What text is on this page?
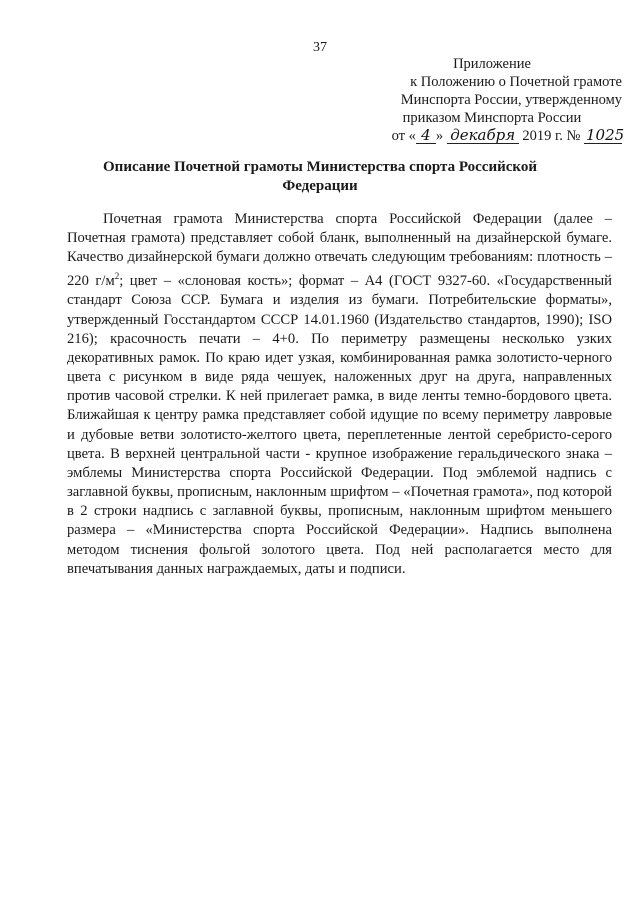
37
Приложение
к Положению о Почетной грамоте
Минспорта России, утвержденному
приказом Минспорта России
от « 4 » декабря 2019 г. № 1025
Описание Почетной грамоты Министерства спорта Российской Федерации

Почетная грамота Министерства спорта Российской Федерации (далее – Почетная грамота) представляет собой бланк, выполненный на дизайнерской бумаге. Качество дизайнерской бумаги должно отвечать следующим требованиям: плотность – 220 $г/м^2$; цвет – «слоновая кость»; формат – А4 (ГОСТ 9327-60. «Государственный стандарт Союза ССР. Бумага и изделия из бумаги. Потребительские форматы», утвержденный Госстандартом СССР 14.01.1960 (Издательство стандартов, 1990); ISO 216); красочность печати – 4+0. По периметру размещены несколько узких декоративных рамок. По краю идет узкая, комбинированная рамка золотисто-черного цвета с рисунком в виде ряда чешуек, наложенных друг на друга, направленных против часовой стрелки. К ней прилегает рамка, в виде ленты темно-бордового цвета. Ближайшая к центру рамка представляет собой идущие по всему периметру лавровые и дубовые ветви золотисто-желтого цвета, переплетенные лентой серебристо-серого цвета. В верхней центральной части - крупное изображение геральдического знака – эмблемы Министерства спорта Российской Федерации. Под эмблемой надпись с заглавной буквы, прописным, наклонным шрифтом – «Почетная грамота», под которой в 2 строки надпись с заглавной буквы, прописным, наклонным шрифтом меньшего размера – «Министерства спорта Российской Федерации». Надпись выполнена методом тиснения фольгой золотого цвета. Под ней располагается место для впечатывания данных награждаемых, даты и подписи.
